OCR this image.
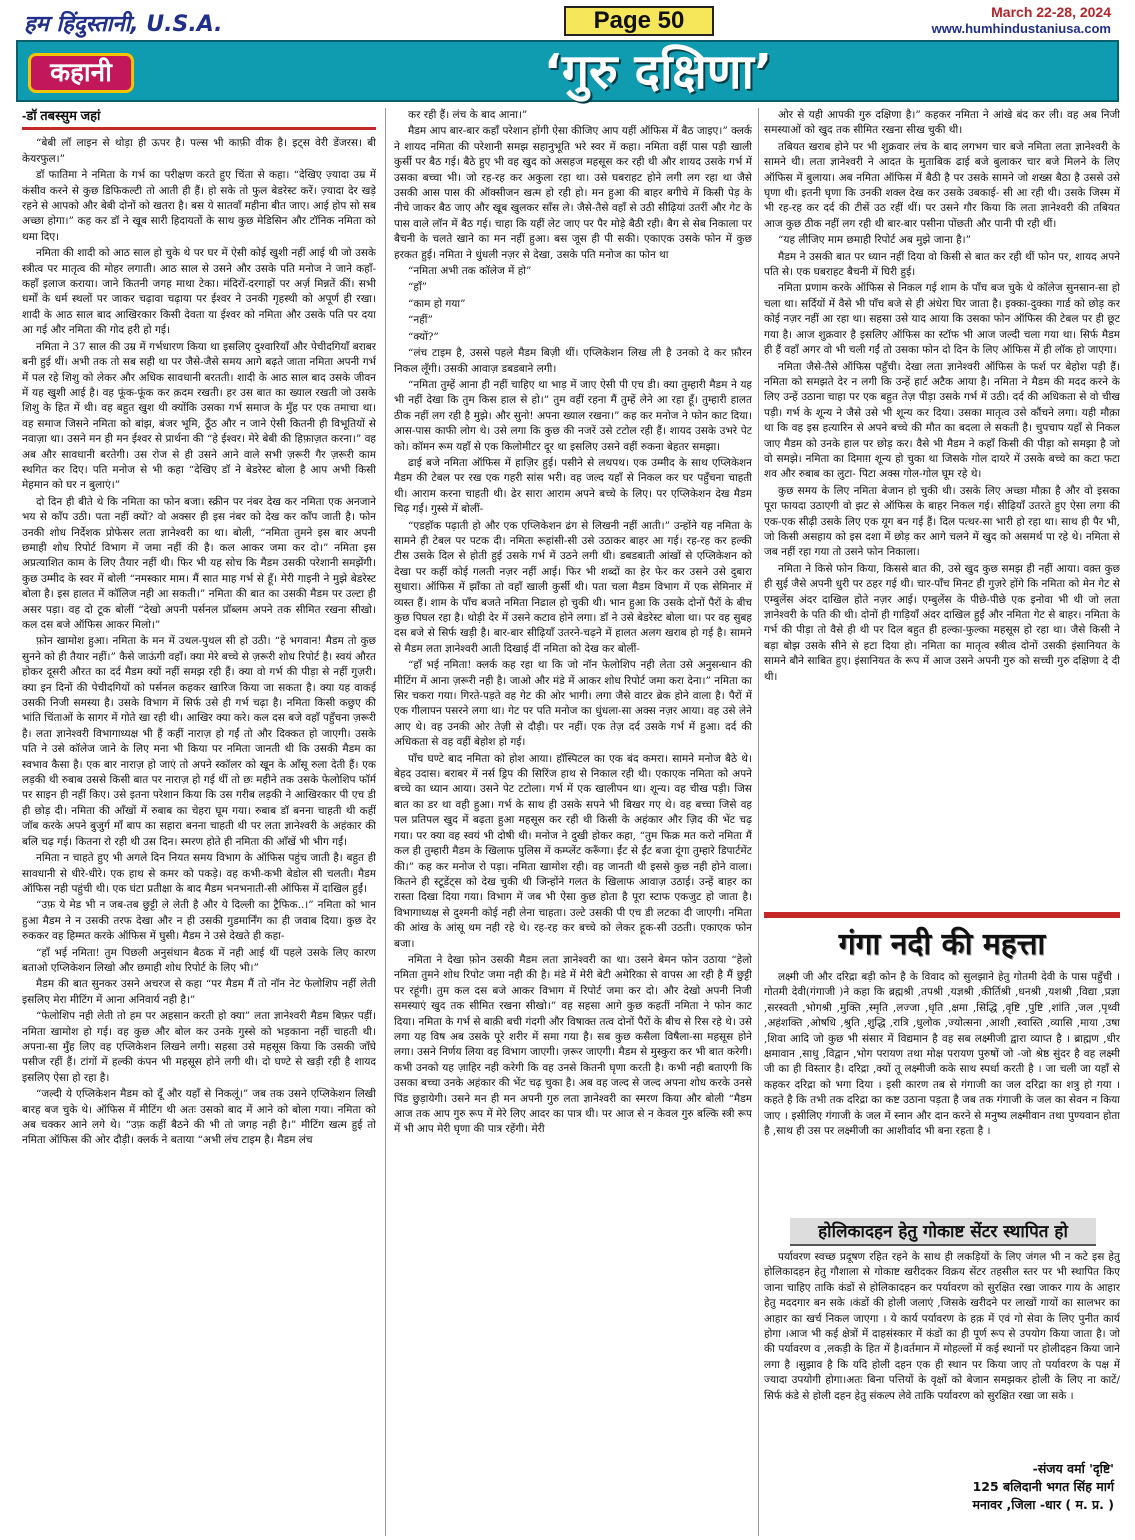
हम हिंदुस्तानी, U.S.A.	Page 50	March 22-28, 2024
www.humhindustaniusa.com
कहानी	‘गुरु दक्षिणा’

-डॉ तबस्सुम जहां

“बेबी लॉ लाइन से थोड़ा ही ऊपर है। पल्स भी काफ़ी वीक है। इट्स वेरी डेंजरस। बी केयरफुल।”

डॉ फातिमा ने नमिता के गर्भ का परीक्षण करते हुए चिंता से कहा। “देखिए ज़्यादा उम्र में कंसीव करने से कुछ डिफिकल्टी तो आती ही हैं। हो सके तो फुल बेडरेस्ट करें। ज़्यादा देर खड़े रहने से आपको और बेबी दोनों को खतरा है। बस ये सातवाँ महीना बीत जाए। आई होप सो सब अच्छा होगा।” कह कर डॉ ने खूब सारी हिदायतों के साथ कुछ मेडिसिन और टॉनिक नमिता को थमा दिए।

नमिता की शादी को आठ साल हो चुके थे पर घर में ऐसी कोई खुशी नहीं आई थी जो उसके स्त्रीत्व पर मातृत्व की मोहर लगाती। आठ साल से उसने और उसके पति मनोज ने जाने कहाँ-कहाँ इलाज कराया। जाने कितनी जगह माथा टेका। मंदिरों-दरगाहों पर अर्ज़ मिन्नतें कीं। सभी धर्मों के धर्म स्थलों पर जाकर चढ़ावा चढ़ाया पर ईश्वर ने उनकी गृहस्थी को अपूर्ण ही रखा। शादी के आठ साल बाद आखिरकार किसी देवता या ईश्वर को नमिता और उसके पति पर दया आ गई और नमिता की गोद हरी हो गई।

नमिता ने 37 साल की उम्र में गर्भधारण किया था इसलिए दुश्वारियाँ और पेचीदगियाँ बराबर बनी हुई थीं। अभी तक तो सब सही था पर जैसे-जैसे समय आगे बढ़ते जाता नमिता अपनी गर्भ में पल रहे शिशु को लेकर और अधिक सावधानी बरतती। शादी के आठ साल बाद उसके जीवन में यह खुशी आई है। वह फूंक-फूंक कर क़दम रखती। हर उस बात का ख्याल रखती जो उसके शिशु के हित में थी। वह बहुत खुश थी क्योंकि उसका गर्भ समाज के मुँह पर एक तमाचा था। वह समाज जिसने नमिता को बांझ, बंजर भूमि, ठूँठ और न जाने ऐसी कितनी ही विभूतियों से नवाज़ा था। उसने मन ही मन ईश्वर से प्रार्थना की “हे ईश्वर। मेरे बेबी की हिफ़ाज़त करना।” वह अब और सावधानी बरतेगी। उस रोज से ही उसने आने वाले सभी ज़रूरी गैर ज़रूरी काम स्थगित कर दिए। पति मनोज से भी कहा “देखिए डॉ ने बेडरेस्ट बोला है आप अभी किसी मेहमान को घर न बुलाएं।”

दो दिन ही बीते थे कि नमिता का फोन बजा। स्क्रीन पर नंबर देख कर नमिता एक अनजाने भय से काँप उठी। पता नहीं क्यों? वो अक्सर ही इस नंबर को देख कर काँप जाती है। फोन उनकी शोध निर्देशक प्रोफेसर लता ज्ञानेश्वरी का था। बोली, “नमिता तुमने इस बार अपनी छमाही शोध रिपोर्ट विभाग में जमा नहीं की है। कल आकर जमा कर दो।” नमिता इस अप्रत्याशित काम के लिए तैयार नहीं थी। फिर भी यह सोच कि मैडम उसकी परेशानी समझेंगी। कुछ उम्मीद के स्वर में बोली “नमस्कार माम। मैं सात माह गर्भ से हूँ। मेरी गाइनी ने मुझे बेडरेस्ट बोला है। इस हालत में कॉलिज नही आ सकती।” नमिता की बात का उसकी मैडम पर उल्टा ही असर पड़ा। वह दो टूक बोलीं “देखो अपनी पर्सनल प्रॉब्लम अपने तक सीमित रखना सीखो। कल दस बजे ऑफिस आकर मिलो।”

फ़ोन खामोश हुआ। नमिता के मन में उथल-पुथल सी हो उठी। “हे भगवान! मैडम तो कुछ सुनने को ही तैयार नहीं।” कैसे जाऊंगी वहाँ। क्या मेरे बच्चे से ज़रूरी शोध रिपोर्ट है। स्वयं औरत होकर दूसरी औरत का दर्द मैडम क्यों नहीं समझ रही हैं। क्या वो गर्भ की पीड़ा से नहीं गुज़री। क्या इन दिनों की पेचीदगियों को पर्सनल कहकर खारिज किया जा सकता है। क्या यह वाकई उसकी निजी समस्या है। उसके विभाग में सिर्फ उसे ही गर्भ चढ़ा है। नमिता किसी कछुए की भांति चिंताओं के सागर में गोते खा रही थी। आखिर क्या करे। कल दस बजे वहाँ पहुँचना ज़रूरी है। लता ज्ञानेश्वरी विभागाध्यक्ष भी हैं कहीं नाराज़ हो गईं तो और दिक्कत हो जाएगी। उसके पति ने उसे कॉलेज जाने के लिए मना भी किया पर नमिता जानती थी कि उसकी मैडम का स्वभाव कैसा है। एक बार नाराज़ हो जाएं तो अपने स्कॉलर को खून के आँसू रुला देती हैं। एक लड़की थी रुबाब उससे किसी बात पर नाराज़ हो गई थीं तो छः महीने तक उसके फेलोशिप फॉर्म पर साइन ही नहीं किए। उसे इतना परेशान किया कि उस गरीब लड़की ने आखिरकार पी एच डी ही छोड़ दी। नमिता की आँखों में रुबाब का चेहरा घूम गया। रुबाब डॉ बनना चाहती थी कहीं जॉब करके अपने बुजुर्ग माँ बाप का सहारा बनना चाहती थी पर लता ज्ञानेश्वरी के अहंकार की बलि चढ़ गई। कितना रो रही थी उस दिन। स्मरण होते ही नमिता की आँखें भी भीग गईं।

नमिता न चाहते हुए भी अगले दिन नियत समय विभाग के ऑफिस पहुंच जाती है। बहुत ही सावधानी से धीरे-धीरे। एक हाथ से कमर को पकड़े। वह कभी-कभी बेडोल सी चलती। मैडम ऑफिस नही पहुंची थी। एक घंटा प्रतीक्षा के बाद मैडम भनभनाती-सी ऑफिस में दाखिल हुईं।

“उफ़ ये मेड भी न जब-तब छुट्टी ले लेती है और ये दिल्ली का ट्रैफिक..।” नमिता को भान हुआ मैडम ने न उसकी तरफ देखा और न ही उसकी गुडमार्निंग का ही जवाब दिया। कुछ देर रुककर वह हिम्मत करके ऑफिस में घुसी। मैडम ने उसे देखते ही कहा-

“हाँ भई नमिता! तुम पिछली अनुसंधान बैठक में नही आई थीं पहले उसके लिए कारण बताओ एप्लिकेशन लिखो और छमाही शोध रिपोर्ट के लिए भी।”

मैडम की बात सुनकर उसने अचरज से कहा “पर मैडम मैं तो नॉन नेट फेलोशिप नहीं लेती इसलिए मेरा मीटिंग में आना अनिवार्य नही है।”

“फेलोशिप नही लेती तो हम पर अहसान करती हो क्या” लता ज्ञानेश्वरी मैडम बिफ़र पड़ीं। नमिता खामोश हो गई। वह कुछ और बोल कर उनके गुस्से को भड़काना नहीं चाहती थी। अपना-सा मुँह लिए वह एप्लिकेशन लिखने लगी। सहसा उसे महसूस किया कि उसकी जाँघे पसीज रहीं हैं। टांगों में हल्की कंपन भी महसूस होने लगी थी। दो घण्टे से खड़ी रही है शायद इसलिए ऐसा हो रहा है।

“जल्दी ये एप्लिकेशन मैडम को दूँ और यहाँ से निकलूं।” जब तक उसने एप्लिकेशन लिखी बारह बज चुके थे। ऑफिस में मीटिंग थी अतः उसको बाद में आने को बोला गया। नमिता को अब चक्कर आने लगे थे। “उफ़ कहीं बैठने की भी तो जगह नही है।” मीटिंग खत्म हुई तो नमिता ऑफिस की ओर दौड़ी। क्लर्क ने बताया “अभी लंच टाइम है। मैडम लंच

कर रही हैं। लंच के बाद आना।”

मैडम आप बार-बार कहाँ परेशान होंगी ऐसा कीजिए आप यहीं ऑफिस में बैठ जाइए।” क्लर्क ने शायद नमिता की परेशानी समझ सहानुभूति भरे स्वर में कहा। नमिता वहीं पास पड़ी खाली कुर्सी पर बैठ गई। बैठे हुए भी वह खुद को असहज महसूस कर रही थी और शायद उसके गर्भ में उसका बच्चा भी। जो रह-रह कर अकुला रहा था। उसे घबराहट होने लगी लग रहा था जैसे उसकी आस पास की ऑक्सीजन खत्म हो रही हो। मन हुआ की बाहर बगीचे में किसी पेड़ के नीचे जाकर बैठ जाए और खूब खुलकर साँस ले। जैसे-तैसे वहाँ से उठी सीढ़ियां उतरीं और गेट के पास वाले लॉन में बैठ गई। चाहा कि यहीं लेट जाए पर पैर मोड़े बैठी रही। बैग से सेब निकाला पर बैचनी के चलते खाने का मन नहीं हुआ। बस जूस ही पी सकी। एकाएक उसके फोन में कुछ हरकत हुई। नमिता ने धुंधली नज़र से देखा, उसके पति मनोज का फोन था

“नमिता अभी तक कॉलेज में हो”

“हाँ”

“काम हो गया”

“नहीं”

“क्यों?”

“लंच टाइम है, उससे पहले मैडम बिज़ी थीं। एप्लिकेशन लिख ली है उनको दे कर फ़ौरन निकल लूँगी। उसकी आवाज़ डबडबाने लगी।

“नमिता तुम्हें आना ही नहीं चाहिए था भाड़ में जाए ऐसी पी एच डी। क्या तुम्हारी मैडम ने यह भी नहीं देखा कि तुम किस हाल से हो।” तुम वहीं रहना मैं तुम्हें लेने आ रहा हूँ। तुम्हारी हालत ठीक नहीं लग रही है मुझे। और सुनो! अपना ख्याल रखना।” कह कर मनोज ने फोन काट दिया। आस-पास काफी लोग थे। उसे लगा कि कुछ की नजरें उसे टटोल रही हैं। शायद उसके उभरे पेट को। कॉमन रूम यहाँ से एक किलोमीटर दूर था इसलिए उसने वहीं रुकना बेहतर समझा।

ढाई बजे नमिता ऑफिस में हाज़िर हुई। पसीने से लथपथ। एक उम्मीद के साथ एप्लिकेशन मैडम की टेबल पर रख एक गहरी सांस भरी। वह जल्द यहाँ से निकल कर घर पहुँचना चाहती थी। आराम करना चाहती थी। ढेर सारा आराम अपने बच्चे के लिए। पर एप्लिकेशन देख मैडम चिढ़ गईं। गुस्से में बोलीं-

“एडहॉक पढ़ाती हो और एक एप्लिकेशन ढंग से लिखनी नहीं आती।” उन्होंने यह नमिता के सामने ही टेबल पर पटक दी। नमिता रूहांसी-सी उसे उठाकर बाहर आ गई। रह-रह कर हल्की टीस उसके दिल से होती हुई उसके गर्भ में उठने लगी थी। डबडबाती आंखों से एप्लिकेशन को देखा पर कहीं कोई गलती नज़र नहीं आई। फिर भी शब्दों का हेर फेर कर उसने उसे दुबारा सुधारा। ऑफिस में झाँका तो वहाँ खाली कुर्सी थी। पता चला मैडम विभाग में एक सेमिनार में व्यस्त हैं। शाम के पाँच बजते नमिता निढाल हो चुकी थी। भान हुआ कि उसके दोनों पैरों के बीच कुछ पिघल रहा है। थोड़ी देर में उसने कटाव होने लगा। डॉ ने उसे बेडरेस्ट बोला था। पर वह सुबह दस बजे से सिर्फ खड़ी है। बार-बार सीढ़ियाँ उतरने-चढ़ने में हालत अलग खराब हो गई है। सामने से मैडम लता ज्ञानेश्वरी आती दिखाई दीं नमिता को देख कर बोलीं-

“हाँ भई नमिता! क्लर्क कह रहा था कि जो नॉन फेलोशिप नही लेता उसे अनुसन्धान की मीटिंग में आना ज़रूरी नही है। जाओ और मंडे में आकर शोध रिपोर्ट जमा करा देना।” नमिता का सिर चकरा गया। गिरते-पड़ते वह गेट की ओर भागी। लगा जैसे वाटर ब्रेक होने वाला है। पैरों में एक गीलापन पसरने लगा था। गेट पर पति मनोज का धुंधला-सा अक्स नज़र आया। वह उसे लेने आए थे। वह उनकी ओर तेज़ी से दौड़ी। पर नहीं। एक तेज़ दर्द उसके गर्भ में हुआ। दर्द की अधिकता से वह वहीं बेहोश हो गई।

पाँच घण्टे बाद नमिता को होश आया। हॉस्पिटल का एक बंद कमरा। सामने मनोज बैठे थे। बेहद उदास। बराबर में नर्स ड्रिप की सिरिंज हाथ से निकाल रही थी। एकाएक नमिता को अपने बच्चे का ध्यान आया। उसने पेट टटोला। गर्भ में एक खालीपन था। शून्य। वह चीख पड़ी। जिस बात का डर था वही हुआ। गर्भ के साथ ही उसके सपने भी बिखर गए थे। वह बच्चा जिसे वह पल प्रतिपल खुद में बढ़ता हुआ महसूस कर रही थी किसी के अहंकार और ज़िद की भेंट चढ़ गया। पर क्या वह स्वयं भी दोषी थी। मनोज ने दुखी होकर कहा, “तुम फिक्र मत करो नमिता मैं कल ही तुम्हारी मैडम के खिलाफ पुलिस में कम्प्लेंट करूँगा। ईंट से ईंट बजा दूंगा तुम्हारे डिपार्टमेंट की।” कह कर मनोज रो पड़ा। नमिता खामोश रही। वह जानती थी इससे कुछ नही होने वाला। कितने ही स्टूडेंट्स को देख चुकी थी जिन्होंने गलत के खिलाफ आवाज़ उठाई। उन्हें बाहर का रास्ता दिखा दिया गया। विभाग में जब भी ऐसा कुछ होता है पूरा स्टाफ एकजुट हो जाता है। विभागाध्यक्ष से दुश्मनी कोई नही लेना चाहता। उल्टे उसकी पी एच डी लटका दी जाएगी। नमिता की आंख के आंसू थम नही रहे थे। रह-रह कर बच्चे को लेकर हूक-सी उठती। एकाएक फोन बजा।

नमिता ने देखा फ़ोन उसकी मैडम लता ज्ञानेश्वरी का था। उसने बेमन फोन उठाया “हेलो नमिता तुमने शोध रिपोट जमा नही की है। मंडे में मेरी बेटी अमेरिका से वापस आ रही है मैं छुट्टी पर रहूंगी। तुम कल दस बजे आकर विभाग में रिपोर्ट जमा कर दो। और देखो अपनी निजी समस्याएं खुद तक सीमित रखना सीखो।” वह सहसा आगे कुछ कहतीं नमिता ने फोन काट दिया। नमिता के गर्भ से बाक़ी बची गंदगी और विषाक्त तत्व दोनों पैरों के बीच से रिस रहे थे। उसे लगा यह विष अब उसके पूरे शरीर में समा गया है। सब कुछ कसैला विषैला-सा महसूस होने लगा। उसने निर्णय लिया वह विभाग जाएगी। ज़रूर जाएगी। मैडम से मुस्कुरा कर भी बात करेगी। कभी उनको यह ज़ाहिर नही करेगी कि वह उनसे कितनी घृणा करती है। कभी नही बताएगी कि उसका बच्चा उनके अहंकार की भेंट चढ़ चुका है। अब वह जल्द से जल्द अपना शोध करके उनसे पिंड छुड़ायेगी। उसने मन ही मन अपनी गुरु लता ज्ञानेश्वरी का स्मरण किया और बोली “मैडम आज तक आप गुरु रूप में मेरे लिए आदर का पात्र थी। पर आज से न केवल गुरु बल्कि स्त्री रूप में भी आप मेरी घृणा की पात्र रहेंगी। मेरी

ओर से यही आपकी गुरु दक्षिणा है।” कहकर नमिता ने आंखे बंद कर ली। वह अब निजी समस्याओं को खुद तक सीमित रखना सीख चुकी थी।

तबियत खराब होने पर भी शुक्रवार लंच के बाद लगभग चार बजे नमिता लता ज्ञानेश्वरी के सामने थी। लता ज्ञानेश्वरी ने आदत के मुताबिक ढाई बजे बुलाकर चार बजे मिलने के लिए ऑफिस में बुलाया। अब नमिता ऑफिस में बैठी है पर उसके सामने जो शख्स बैठा है उससे उसे घृणा थी। इतनी घृणा कि उनकी शक्ल देख कर उसके उबकाई- सी आ रही थी। उसके जिस्म में भी रह-रह कर दर्द की टीसें उठ रहीं थीं। पर उसने गौर किया कि लता ज्ञानेश्वरी की तबियत आज कुछ ठीक नहीं लग रही थी बार-बार पसीना पोंछती और पानी पी रही थीं।

“यह लीजिए माम छमाही रिपोर्ट अब मुझे जाना है।”

मैडम ने उसकी बात पर ध्यान नहीं दिया वो किसी से बात कर रही थीं फोन पर, शायद अपने पति से। एक घबराहट बैचनी में घिरी हुई।

नमिता प्रणाम करके ऑफिस से निकल गई शाम के पाँच बज चुके थे कॉलेज सुनसान-सा हो चला था। सर्दियों में वैसे भी पाँच बजे से ही अंधेरा घिर जाता है। इक्का-दुक्का गार्ड को छोड़ कर कोई नज़र नहीं आ रहा था। सहसा उसे याद आया कि उसका फोन ऑफिस की टेबल पर ही छूट गया है। आज शुक्रवार है इसलिए ऑफिस का स्टॉफ भी आज जल्दी चला गया था। सिर्फ मैडम ही हैं वहाँ अगर वो भी चली गईं तो उसका फोन दो दिन के लिए ऑफिस में ही लॉक हो जाएगा।

नमिता जैसे-तैसे ऑफिस पहुँची। देखा लता ज्ञानेश्वरी ऑफिस के फर्श पर बेहोश पड़ी हैं। नमिता को समझते देर न लगी कि उन्हें हार्ट अटैक आया है। नमिता ने मैडम की मदद करने के लिए उन्हें उठाना चाहा पर एक बहुत तेज़ पीड़ा उसके गर्भ में उठी। दर्द की अधिकता से वो चीख पड़ी। गर्भ के शून्य ने जैसे उसे भी शून्य कर दिया। उसका मातृत्व उसे कौंचने लगा। यही मौक़ा था कि वह इस हत्यारिन से अपने बच्चे की मौत का बदला ले सकती है। चुपचाप यहाँ से निकल जाए मैडम को उनके हाल पर छोड़ कर। वैसे भी मैडम ने कहाँ किसी की पीड़ा को समझा है जो वो समझे। नमिता का दिमाग़ शून्य हो चुका था जिसके गोल दायरे में उसके बच्चे का कटा फटा शव और रुबाब का लुटा- पिटा अक्स गोल-गोल घूम रहे थे।

कुछ समय के लिए नमिता बेजान हो चुकी थी। उसके लिए अच्छा मौक़ा है और वो इसका पूरा फायदा उठाएगी वो झट से ऑफिस के बाहर निकल गई। सीढ़ियाँ उतरते हुए ऐसा लगा की एक-एक सीढ़ी उसके लिए एक यूग बन गई हैं। दिल पत्थर-सा भारी हो रहा था। साथ ही पैर भी, जो किसी असहाय को इस दशा में छोड़ कर आगे चलने में खुद को असमर्थ पा रहे थे। नमिता से जब नहीं रहा गया तो उसने फोन निकाला।

नमिता ने किसे फोन किया, किससे बात की, उसे खुद कुछ समझ ही नहीं आया। वक़्त कुछ ही सुई जैसे अपनी धुरी पर ठहर गई थी। चार-पाँच मिनट ही गुज़रे होंगे कि नमिता को मेन गेट से एम्बुलेंस अंदर दाखिल होते नज़र आई। एम्बुलेंस के पीछे-पीछे एक इनोवा भी थी जो लता ज्ञानेश्वरी के पति की थी। दोनों ही गाड़ियाँ अंदर दाखिल हुईं और नमिता गेट से बाहर। नमिता के गर्भ की पीड़ा तो वैसे ही थी पर दिल बहुत ही हल्का-फुल्का महसूस हो रहा था। जैसे किसी ने बड़ा बोझ उसके सीने से हटा दिया हो। नमिता का मातृत्व स्त्रीत्व दोनों उसकी इंसानियत के सामने बौने साबित हुए। इंसानियत के रूप में आज उसने अपनी गुरु को सच्ची गुरु दक्षिणा दे दी थी।

गंगा नदी की महत्ता

लक्ष्मी जी और दरिद्रा बड़ी कोन है के विवाद को सुलझाने हेतु गोतमी देवी के पास पहुँची । गोतमी देवी(गंगाजी )ने कहा कि ब्रह्मश्री ,तपश्री ,यज्ञश्री ,कीर्तिश्री ,धनश्री ,यशश्री ,विद्या ,प्रज्ञा ,सरस्वती ,भोगश्री ,मुक्ति ,स्मृति ,लज्जा ,धृति ,क्षमा ,सिद्धि ,वृष्टि ,पुष्टि ,शांति ,जल ,पृथ्वी ,अहंशक्ति ,ओषधि ,श्रुति ,शुद्धि ,रात्रि ,धुलोक ,ज्योत्सना ,आशी ,स्वास्ति ,व्यासि ,माया ,उषा ,शिवा आदि जो कुछ भी संसार में विद्यमान है वह सब लक्ष्मीजी द्वारा व्याप्त है । ब्राह्मण ,धीर क्षमावान ,साधु ,विद्वान ,भोग परायण तथा मोक्ष परायण पुरुषों जो -जो श्रेष्ठ सुंदर है वह लक्ष्मी जी का ही विस्तार है। दरिद्रा ,क्यों तू लक्ष्मीजी कके साथ स्पर्धा करती है । जा चली जा यहाँ से कहकर दरिद्रा को भगा दिया । इसी कारण तब से गंगाजी का जल दरिद्रा का शत्रु हो गया । कहते है कि तभी तक दरिद्रा का कष्ट उठाना पड़ता है जब तक गंगाजी के जल का सेवन न किया जाए । इसीलिए गंगाजी के जल में स्नान और दान करने से मनुष्य लक्ष्मीवान तथा पुण्यवान होता है ,साथ ही उस पर लक्ष्मीजी का आशीर्वाद भी बना रहता है ।

होलिकादहन हेतु गोकाष्ट सेंटर स्थापित हो

पर्यावरण स्वच्छ प्रदूषण रहित रहने के साथ ही लकड़ियों के लिए जंगल भी न कटे इस हेतु होलिकादहन हेतु गौशाला से गोकाष्ट खरीदकर विक्रय सेंटर तहसील स्तर पर भी स्थापित किए जाना चाहिए ताकि कंडों से होलिकादहन कर पर्यावरण को सुरक्षित रखा जाकर गाय के आहार हेतु मददगार बन सके ।कंडों की होली जलाएं ,जिसके खरीदने पर लाखों गायों का सालभर का आहार का खर्च निकल जाएगा । ये कार्य पर्यावरण के हक़ में एवं गो सेवा के लिए पुनीत कार्य होगा ।आज भी कई क्षेत्रों में दाहसंस्कार में कंडों का ही पूर्ण रूप से उपयोग किया जाता है। जो की पर्यावरण व ,लकड़ी के हित में है।वर्तमान में मोहल्लों में कई स्थानों पर होलीदहन किया जाने लगा है ।सुझाव है कि यदि होली दहन एक ही स्थान पर किया जाए तो पर्यावरण के पक्ष में ज्यादा उपयोगी होगा।अतः बिना पत्तियों के वृक्षों को बेजान समझकर होली के लिए ना काटें/सिर्फ कंडे से होली दहन हेतु संकल्प लेवे ताकि पर्यावरण को सुरक्षित रखा जा सके ।

-संजय वर्मा 'दृष्टि'
125 बलिदानी भगत सिंह मार्ग
मनावर ,जिला -धार ( म. प्र. )
